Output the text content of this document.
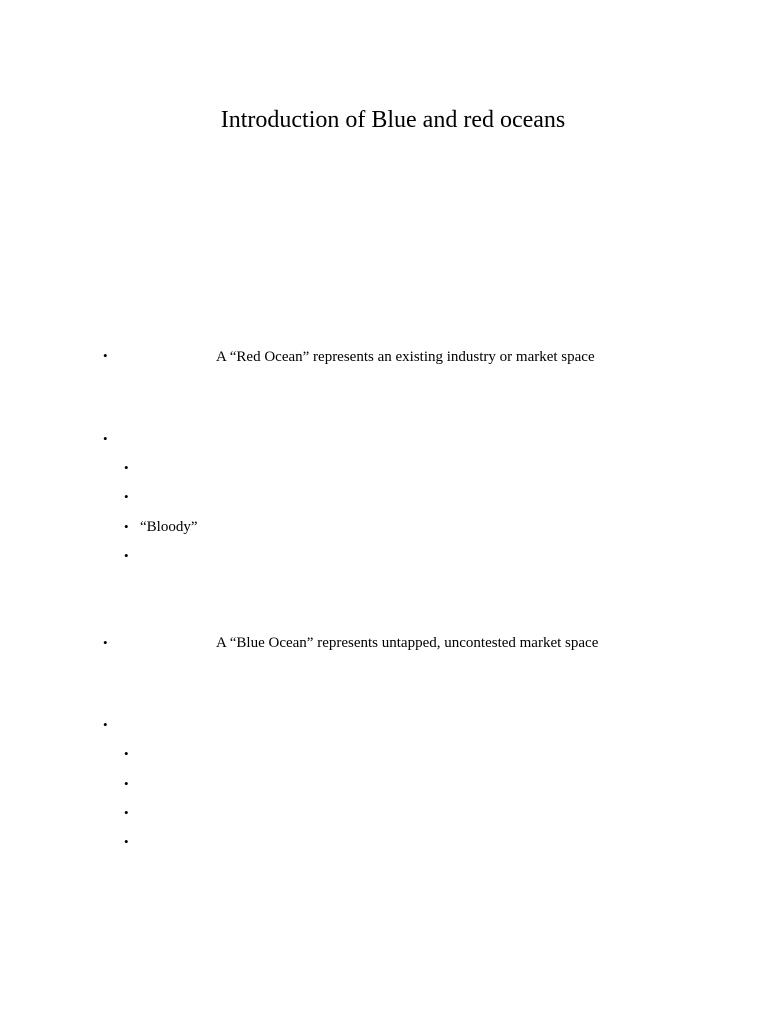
Introduction of Blue and red oceans
•	A “Red Ocean” represents an existing industry or market space
•
•
•
• “Bloody”
•
•	A “Blue Ocean” represents untapped, uncontested market space
•
•
•
•
•
